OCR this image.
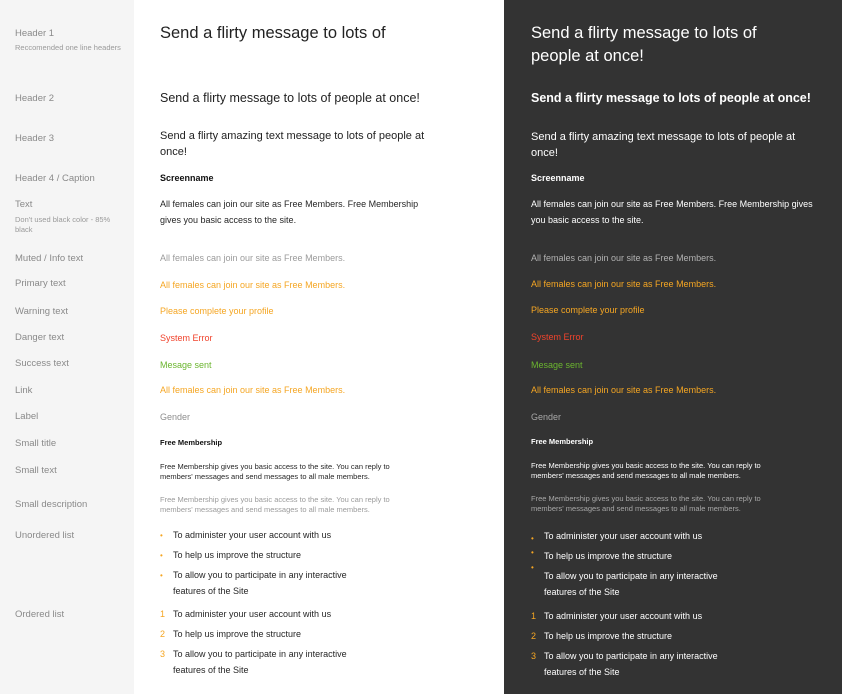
Header 1
Reccomended one line headers
Header 2
Header 3
Header 4 / Caption
Text
Don't used black color - 85% black
Muted / Info text
Primary text
Warning text
Danger text
Success text
Link
Label
Small title
Small text
Small description
Unordered list
Ordered list
Send a flirty message to lots of
Send a flirty message to lots of people at once!
Send a flirty amazing text message to lots of people at once!
Screenname
All females can join our site as Free Members. Free Membership gives you basic access to the site.
All females can join our site as Free Members.
All females can join our site as Free Members.
Please complete your profile
System Error
Mesage sent
All females can join our site as Free Members.
Gender
Free Membership
Free Membership gives you basic access to the site. You can reply to members' messages and send messages to all male members.
Free Membership gives you basic access to the site. You can reply to members' messages and send messages to all male members.
• To administer your user account with us
• To help us improve the structure
• To allow you to participate in any interactive features of the Site
1 To administer your user account with us
2 To help us improve the structure
3 To allow you to participate in any interactive features of the Site
Send a flirty message to lots of people at once!
Send a flirty message to lots of people at once!
Send a flirty amazing text message to lots of people at once!
Screenname
All females can join our site as Free Members. Free Membership gives you basic access to the site.
All females can join our site as Free Members.
All females can join our site as Free Members.
Please complete your profile
System Error
Mesage sent
All females can join our site as Free Members.
Gender
Free Membership
Free Membership gives you basic access to the site. You can reply to members' messages and send messages to all male members.
Free Membership gives you basic access to the site. You can reply to members' messages and send messages to all male members.
• To administer your user account with us
• To help us improve the structure
•
To allow you to participate in any interactive features of the Site
1 To administer your user account with us
2 To help us improve the structure
3 To allow you to participate in any interactive features of the Site
